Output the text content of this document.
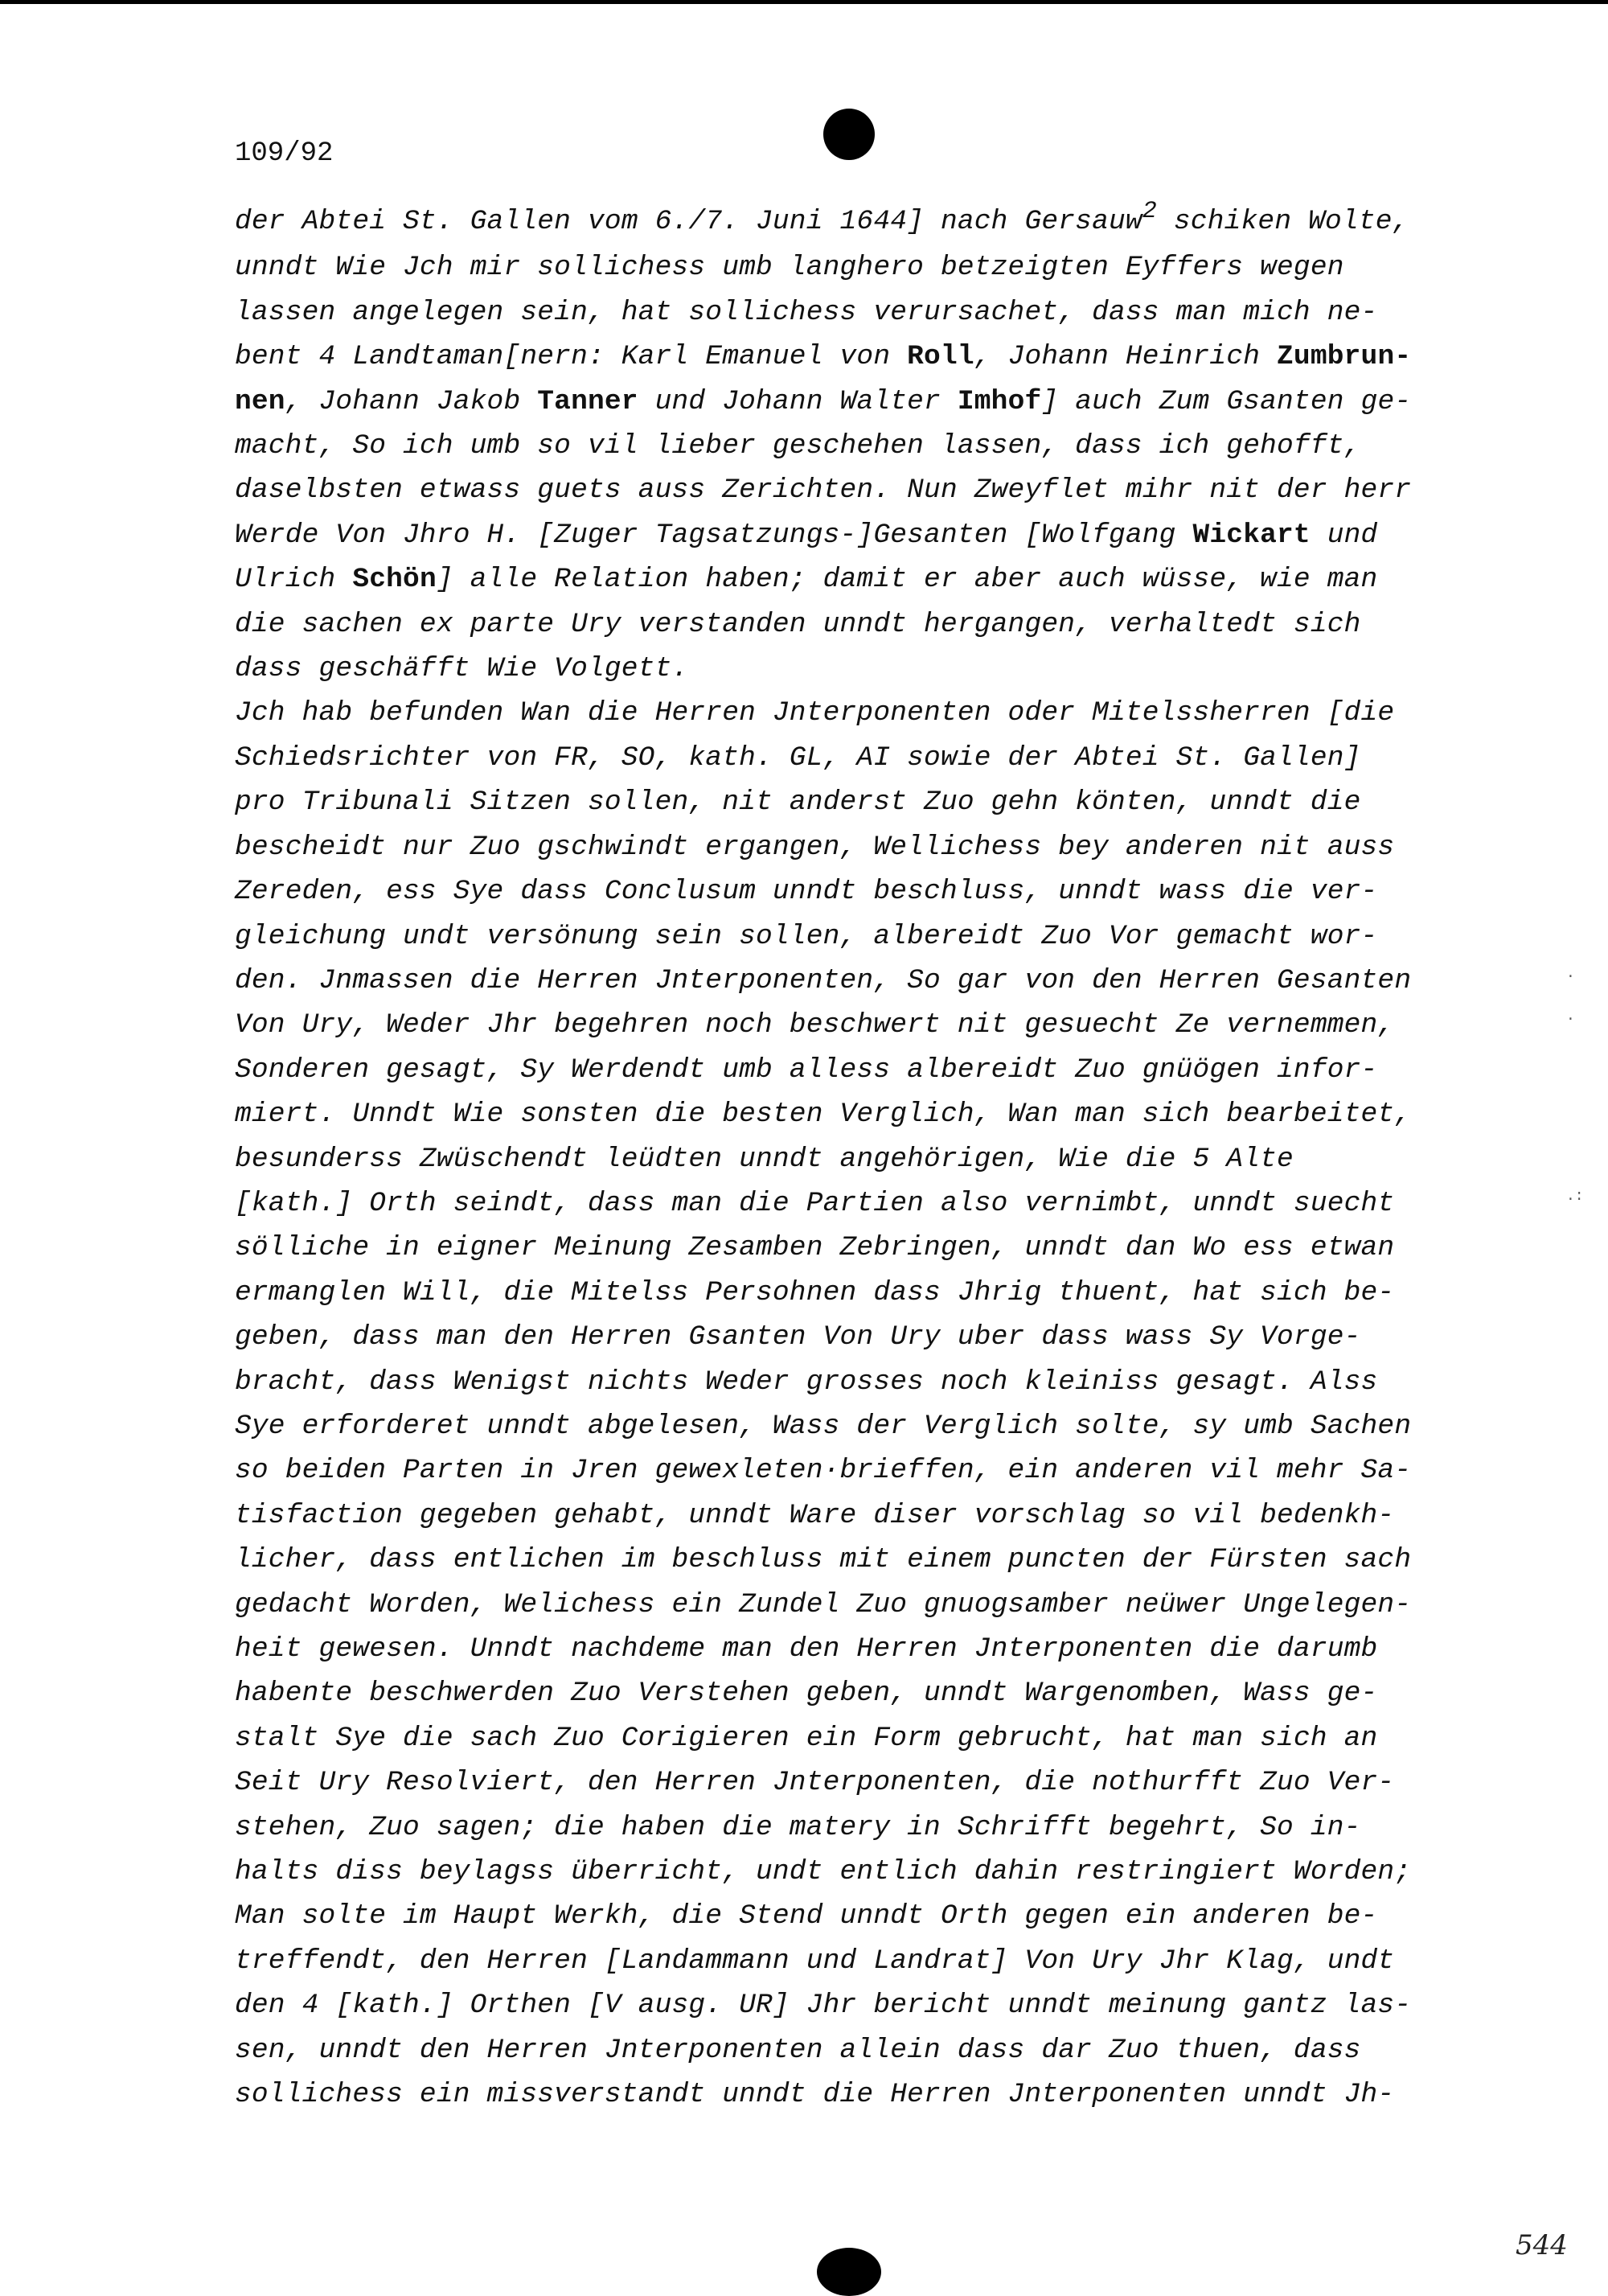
109/92
der Abtei St. Gallen vom 6./7. Juni 1644] nach Gersauw2 schiken Wolte,
unndt Wie Jch mir sollichess umb langhero betzeigten Eyffers wegen
lassen angelegen sein, hat sollichess verursachet, dass man mich ne-
bent 4 Landtaman[nern: Karl Emanuel von Roll, Johann Heinrich Zumbrun-
nen, Johann Jakob Tanner und Johann Walter Imhof] auch Zum Gsanten ge-
macht, So ich umb so vil lieber geschehen lassen, dass ich gehofft,
daselbsten etwass guets auss Zerichten. Nun Zweyflet mihr nit der herr
Werde Von Jhro H. [Zuger Tagsatzungs-]Gesanten [Wolfgang Wickart und
Ulrich Schön] alle Relation haben; damit er aber auch wüsse, wie man
die sachen ex parte Ury verstanden unndt hergangen, verhaltedt sich
dass geschäfft Wie Volgett.
Jch hab befunden Wan die Herren Jnterponenten oder Mitelssherren [die
Schiedsrichter von FR, SO, kath. GL, AI sowie der Abtei St. Gallen]
pro Tribunali Sitzen sollen, nit anderst Zuo gehn könten, unndt die
bescheidt nur Zuo gschwindt ergangen, Wellichess bey anderen nit auss
Zereden, ess Sye dass Conclusum unndt beschluss, unndt wass die ver-
gleichung undt versönung sein sollen, albereidt Zuo Vor gemacht wor-
den. Jnmassen die Herren Jnterponenten, So gar von den Herren Gesanten
Von Ury, Weder Jhr begehren noch beschwert nit gesuecht Ze vernemmen,
Sonderen gesagt, Sy Werdendt umb alless albereidt Zuo gnüögen infor-
miert. Unndt Wie sonsten die besten Verglich, Wan man sich bearbeitet,
besunderss Zwüschendt leüdten unndt angehörigen, Wie die 5 Alte
[kath.] Orth seindt, dass man die Partien also vernimbt, unndt suecht
sölliche in eigner Meinung Zesamben Zebringen, unndt dan Wo ess etwan
ermanglen Will, die Mitelss Persohnen dass Jhrig thuent, hat sich be-
geben, dass man den Herren Gsanten Von Ury uber dass wass Sy Vorge-
bracht, dass Wenigst nichts Weder grosses noch kleiniss gesagt. Alss
Sye erforderet unndt abgelesen, Wass der Verglich solte, sy umb Sachen
so beiden Parten in Jren gewexleten·brieffen, ein anderen vil mehr Sa-
tisfaction gegeben gehabt, unndt Ware diser vorschlag so vil bedenkh-
licher, dass entlichen im beschluss mit einem puncten der Fürsten sach
gedacht Worden, Welichess ein Zundel Zuo gnuogsamber neüwer Ungelegen-
heit gewesen. Unndt nachdeme man den Herren Jnterponenten die darumb
habente beschwerden Zuo Verstehen geben, unndt Wargenomben, Wass ge-
stalt Sye die sach Zuo Corigieren ein Form gebrucht, hat man sich an
Seit Ury Resolviert, den Herren Jnterponenten, die nothurfft Zuo Ver-
stehen, Zuo sagen; die haben die matery in Schrifft begehrt, So in-
halts diss beylagss überricht, undt entlich dahin restringiert Worden;
Man solte im Haupt Werkh, die Stend unndt Orth gegen ein anderen be-
treffendt, den Herren [Landammann und Landrat] Von Ury Jhr Klag, undt
den 4 [kath.] Orthen [V ausg. UR] Jhr bericht unndt meinung gantz las-
sen, unndt den Herren Jnterponenten allein dass dar Zuo thuen, dass
sollichess ein missverstandt unndt die Herren Jnterponenten unndt Jh-
·
·
.:
544
